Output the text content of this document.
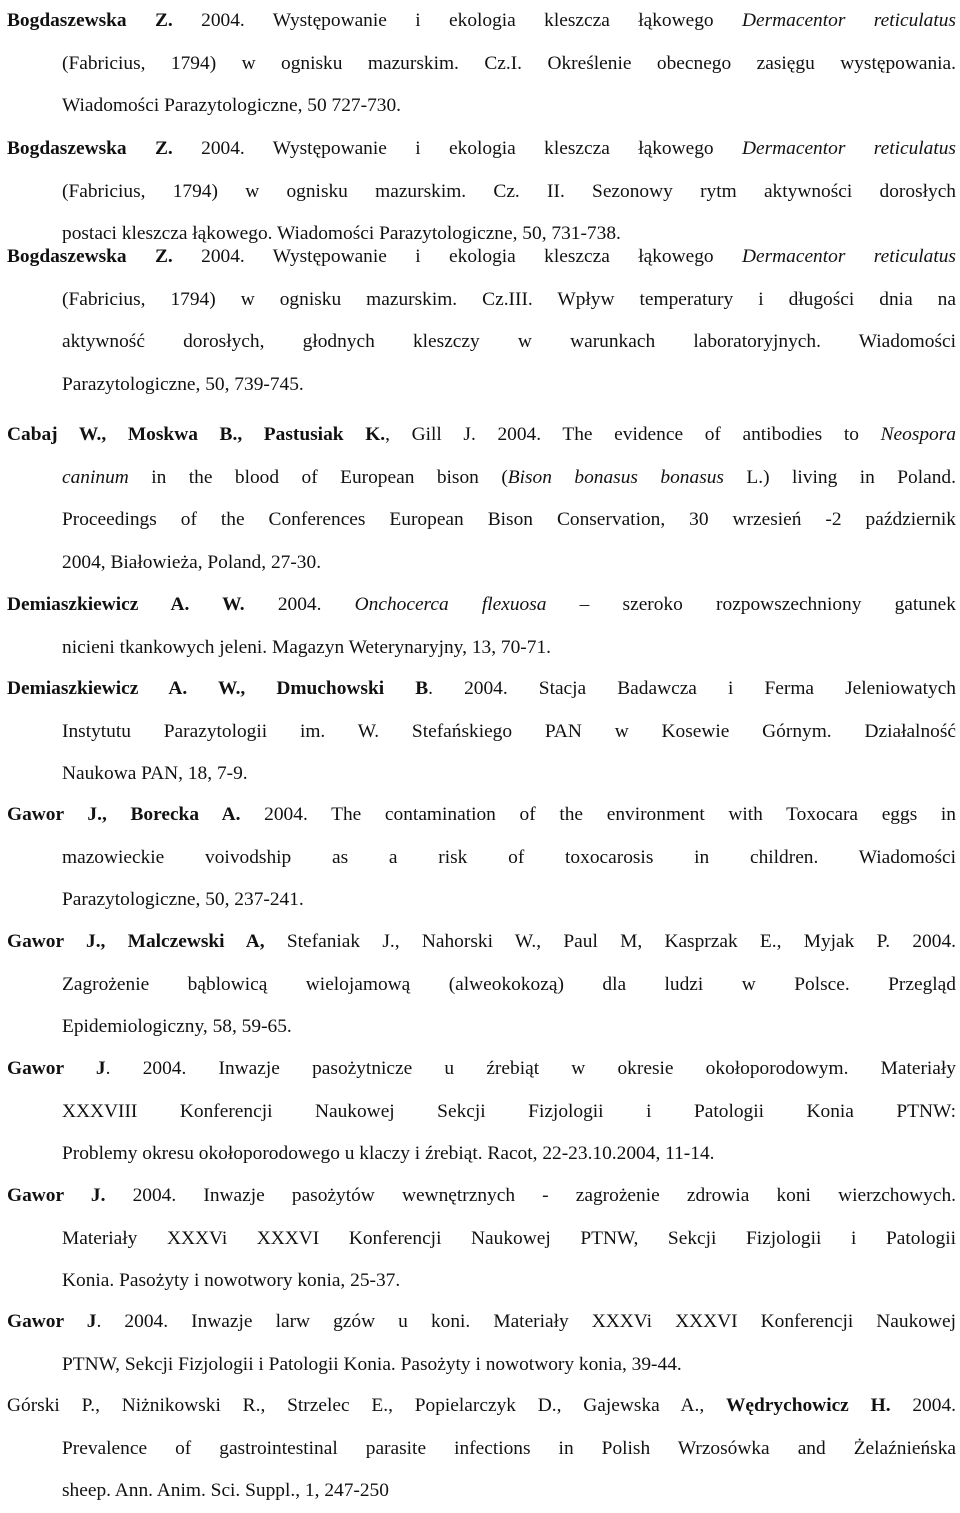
Bogdaszewska Z. 2004. Występowanie i ekologia kleszcza łąkowego Dermacentor reticulatus
(Fabricius, 1794) w ognisku mazurskim. Cz.I. Określenie obecnego zasięgu występowania.
Wiadomości Parazytologiczne, 50 727-730.

Bogdaszewska Z. 2004. Występowanie i ekologia kleszcza łąkowego Dermacentor reticulatus
(Fabricius, 1794) w ognisku mazurskim. Cz. II. Sezonowy rytm aktywności dorosłych
postaci kleszcza łąkowego. Wiadomości Parazytologiczne, 50, 731-738.

Bogdaszewska Z. 2004. Występowanie i ekologia kleszcza łąkowego Dermacentor reticulatus
(Fabricius, 1794) w ognisku mazurskim. Cz.III. Wpływ temperatury i długości dnia na
aktywność dorosłych, głodnych kleszczy w warunkach laboratoryjnych. Wiadomości
Parazytologiczne, 50, 739-745.

Cabaj W., Moskwa B., Pastusiak K., Gill J. 2004. The evidence of antibodies to Neospora
caninum in the blood of European bison (Bison bonasus bonasus L.) living in Poland.
Proceedings of the Conferences European Bison Conservation, 30 wrzesień -2 październik
2004, Białowieża, Poland, 27-30.

Demiaszkiewicz A. W. 2004. Onchocerca flexuosa – szeroko rozpowszechniony gatunek
nicieni tkankowych jeleni. Magazyn Weterynaryjny, 13, 70-71.

Demiaszkiewicz A. W., Dmuchowski B. 2004. Stacja Badawcza i Ferma Jeleniowatych
Instytutu Parazytologii im. W. Stefańskiego PAN w Kosewie Górnym. Działalność
Naukowa PAN, 18, 7-9.

Gawor J., Borecka A. 2004. The contamination of the environment with Toxocara eggs in
mazowieckie voivodship as a risk of toxocarosis in children. Wiadomości
Parazytologiczne, 50, 237-241.

Gawor J., Malczewski A, Stefaniak J., Nahorski W., Paul M, Kasprzak E., Myjak P. 2004.
Zagrożenie bąblowicą wielojamową (alweokokozą) dla ludzi w Polsce. Przegląd
Epidemiologiczny, 58, 59-65.

Gawor J. 2004. Inwazje pasożytnicze u źrebiąt w okresie okołoporodowym. Materiały
XXXVIII Konferencji Naukowej Sekcji Fizjologii i Patologii Konia PTNW:
Problemy okresu okołoporodowego u klaczy i źrebiąt. Racot, 22-23.10.2004, 11-14.

Gawor J. 2004. Inwazje pasożytów wewnętrznych - zagrożenie zdrowia koni wierzchowych.
Materiały XXXVi XXXVI Konferencji Naukowej PTNW, Sekcji Fizjologii i Patologii
Konia. Pasożyty i nowotwory konia, 25-37.

Gawor J. 2004. Inwazje larw gzów u koni. Materiały XXXVi XXXVI Konferencji Naukowej
PTNW, Sekcji Fizjologii i Patologii Konia. Pasożyty i nowotwory konia, 39-44.

Górski P., Niżnikowski R., Strzelec E., Popielarczyk D., Gajewska A., Wędrychowicz H. 2004.
Prevalence of gastrointestinal parasite infections in Polish Wrzosówka and Żelaźnieńska
sheep. Ann. Anim. Sci. Suppl., 1, 247-250
